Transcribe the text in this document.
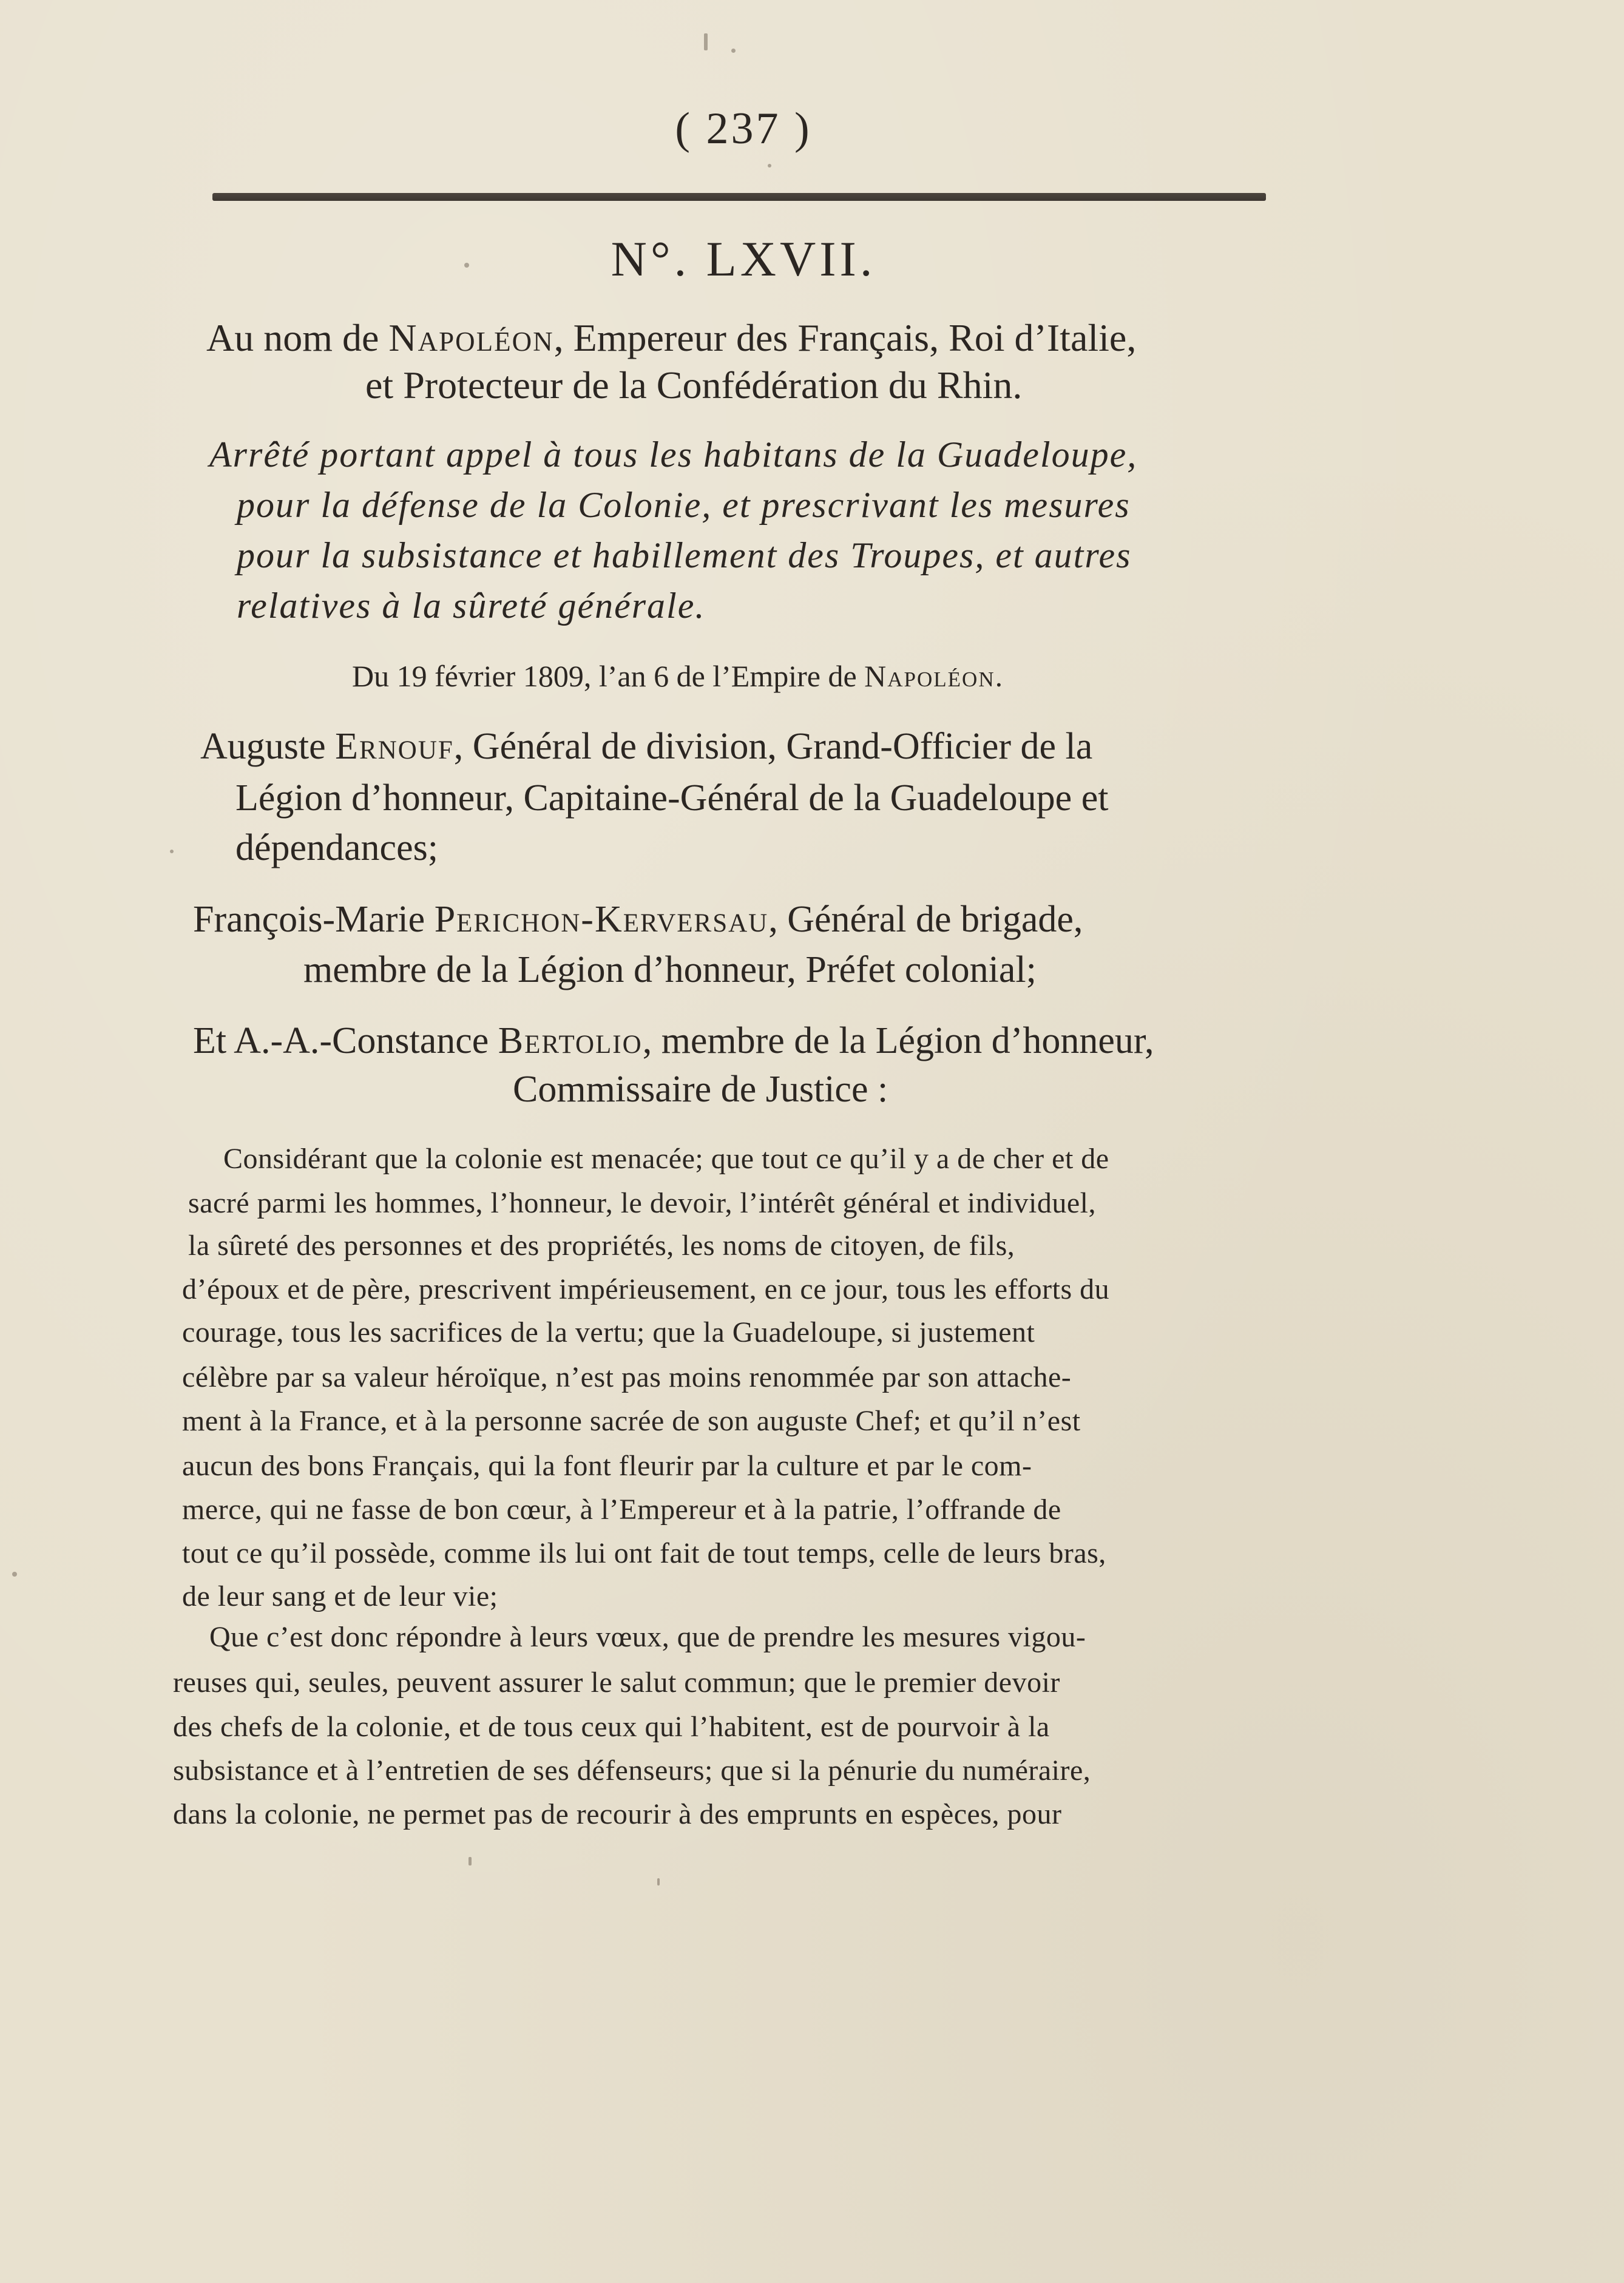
( 237 )
N°. LXVII.
Au nom de Napoléon, Empereur des Français, Roi d’Italie,
et Protecteur de la Confédération du Rhin.
Arrêté portant appel à tous les habitans de la Guadeloupe,
pour la défense de la Colonie, et prescrivant les mesures
pour la subsistance et habillement des Troupes, et autres
relatives à la sûreté générale.
Du 19 février 1809, l’an 6 de l’Empire de Napoléon.
Auguste Ernouf, Général de division, Grand-Officier de la
Légion d’honneur, Capitaine-Général de la Guadeloupe et
dépendances;
François-Marie Perichon-Kerversau, Général de brigade,
membre de la Légion d’honneur, Préfet colonial;
Et A.-A.-Constance Bertolio, membre de la Légion d’honneur,
Commissaire de Justice :
Considérant que la colonie est menacée; que tout ce qu’il y a de cher et de
sacré parmi les hommes, l’honneur, le devoir, l’intérêt général et individuel,
la sûreté des personnes et des propriétés, les noms de citoyen, de fils,
d’époux et de père, prescrivent impérieusement, en ce jour, tous les efforts du
courage, tous les sacrifices de la vertu; que la Guadeloupe, si justement
célèbre par sa valeur héroïque, n’est pas moins renommée par son attache-
ment à la France, et à la personne sacrée de son auguste Chef; et qu’il n’est
aucun des bons Français, qui la font fleurir par la culture et par le com-
merce, qui ne fasse de bon cœur, à l’Empereur et à la patrie, l’offrande de
tout ce qu’il possède, comme ils lui ont fait de tout temps, celle de leurs bras,
de leur sang et de leur vie;
Que c’est donc répondre à leurs vœux, que de prendre les mesures vigou-
reuses qui, seules, peuvent assurer le salut commun; que le premier devoir
des chefs de la colonie, et de tous ceux qui l’habitent, est de pourvoir à la
subsistance et à l’entretien de ses défenseurs; que si la pénurie du numéraire,
dans la colonie, ne permet pas de recourir à des emprunts en espèces, pour
